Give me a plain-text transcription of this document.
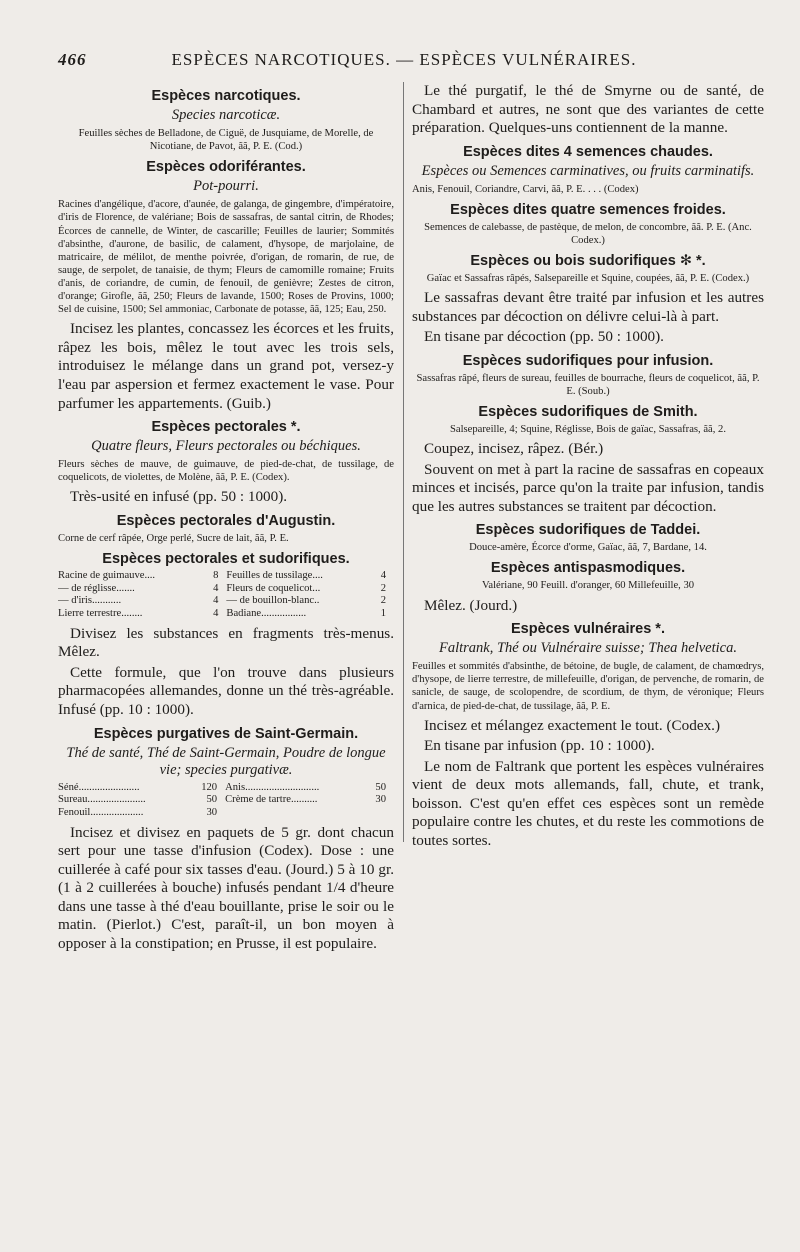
466	ESPÈCES NARCOTIQUES. — ESPÈCES VULNÉRAIRES.
Espèces narcotiques.

Species narcoticæ.

Feuilles sèches de Belladone, de Ciguë, de Jusquiame, de Morelle, de Nicotiane, de Pavot, ãã, P. E. (Cod.)

Espèces odoriférantes.

Pot-pourri.

Racines d'angélique, d'acore, d'aunée, de galanga, de gingembre, d'impératoire, d'iris de Florence, de valériane; Bois de sassafras, de santal citrin, de Rhodes; Écorces de cannelle, de Winter, de cascarille; Feuilles de laurier; Sommités d'absinthe, d'aurone, de basilic, de calament, d'hysope, de marjolaine, de matricaire, de mélilot, de menthe poivrée, d'origan, de romarin, de rue, de sauge, de serpolet, de tanaisie, de thym; Fleurs de camomille romaine; Fruits d'anis, de coriandre, de cumin, de fenouil, de genièvre; Zestes de citron, d'orange; Girofle, ãã, 250; Fleurs de lavande, 1500; Roses de Provins, 1000; Sel de cuisine, 1500; Sel ammoniac, Carbonate de potasse, ãã, 125; Eau, 250.

Incisez les plantes, concassez les écorces et les fruits, râpez les bois, mêlez le tout avec les trois sels, introduisez le mélange dans un grand pot, versez-y l'eau par aspersion et fermez exactement le vase. Pour parfumer les appartements. (Guib.)

Espèces pectorales *.

Quatre fleurs, Fleurs pectorales ou béchiques.

Fleurs sèches de mauve, de guimauve, de pied-de-chat, de tussilage, de coquelicots, de violettes, de Molène, ãã, P. E. (Codex).

Très-usité en infusé (pp. 50 : 1000).

Espèces pectorales d'Augustin.

Corne de cerf râpée, Orge perlé, Sucre de lait, ãã, P. E.

Espèces pectorales et sudorifiques.
Racine de guimauve....	8	Feuilles de tussilage....	4
— de réglisse.......	4	Fleurs de coquelicot...	2
— d'iris...........	4	— de bouillon-blanc..	2
Lierre terrestre........	4	Badiane.................	1

Divisez les substances en fragments très-menus. Mêlez.

Cette formule, que l'on trouve dans plusieurs pharmacopées allemandes, donne un thé très-agréable. Infusé (pp. 10 : 1000).

Espèces purgatives de Saint-Germain.

Thé de santé, Thé de Saint-Germain, Poudre de longue vie; species purgativæ.

Séné.......................	120	Anis............................	50
Sureau......................	50	Crème de tartre..........	30
Fenouil....................	30		

Incisez et divisez en paquets de 5 gr. dont chacun sert pour une tasse d'infusion (Codex). Dose : une cuillerée à café pour six tasses d'eau. (Jourd.) 5 à 10 gr. (1 à 2 cuillerées à bouche) infusés pendant 1/4 d'heure dans une tasse à thé d'eau bouillante, prise le soir ou le matin. (Pierlot.) C'est, paraît-il, un bon moyen à opposer à la constipation; en Prusse, il est populaire.

Le thé purgatif, le thé de Smyrne ou de santé, de Chambard et autres, ne sont que des variantes de cette préparation. Quelques-uns contiennent de la manne.

Espèces dites 4 semences chaudes.

Espèces ou Semences carminatives, ou fruits carminatifs.

Anis, Fenouil, Coriandre, Carvi, ãã, P. E. . . . (Codex)

Espèces dites quatre semences froides.

Semences de calebasse, de pastèque, de melon, de concombre, ãã. P. E. (Anc. Codex.)

Espèces ou bois sudorifiques ✻ *.

Gaïac et Sassafras râpés, Salsepareille et Squine, coupées, ãã, P. E. (Codex.)

Le sassafras devant être traité par infusion et les autres substances par décoction on délivre celui-là à part.

En tisane par décoction (pp. 50 : 1000).

Espèces sudorifiques pour infusion.

Sassafras râpé, fleurs de sureau, feuilles de bourrache, fleurs de coquelicot, ãã, P. E. (Soub.)

Espèces sudorifiques de Smith.

Salsepareille, 4; Squine, Réglisse, Bois de gaïac, Sassafras, ãã, 2.

Coupez, incisez, râpez. (Bér.)

Souvent on met à part la racine de sassafras en copeaux minces et incisés, parce qu'on la traite par infusion, tandis que les autres substances se traitent par décoction.

Espèces sudorifiques de Taddei.

Douce-amère, Écorce d'orme, Gaïac, ãã, 7, Bardane, 14.

Espèces antispasmodiques.

Valériane, 90 Feuill. d'oranger, 60 Millefeuille, 30

Mêlez. (Jourd.)

Espèces vulnéraires *.

Faltrank, Thé ou Vulnéraire suisse; Thea helvetica.

Feuilles et sommités d'absinthe, de bétoine, de bugle, de calament, de chamœdrys, d'hysope, de lierre terrestre, de millefeuille, d'origan, de pervenche, de romarin, de sanicle, de sauge, de scolopendre, de scordium, de thym, de véronique; Fleurs d'arnica, de pied-de-chat, de tussilage, ãã, P. E.

Incisez et mélangez exactement le tout. (Codex.)

En tisane par infusion (pp. 10 : 1000).

Le nom de Faltrank que portent les espèces vulnéraires vient de deux mots allemands, fall, chute, et trank, boisson. C'est qu'en effet ces espèces sont un remède populaire contre les chutes, et du reste les commotions de toutes sortes.
